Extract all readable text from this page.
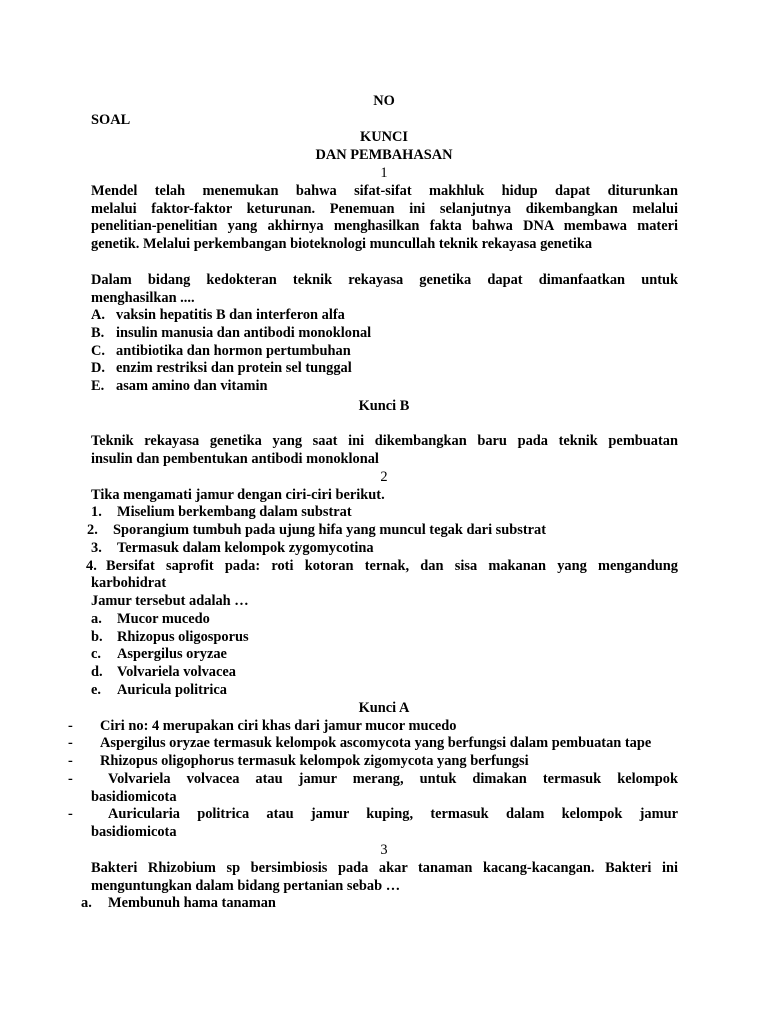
NO
SOAL
KUNCI
DAN PEMBAHASAN
1
Mendel telah menemukan bahwa sifat-sifat makhluk hidup dapat diturunkan
melalui faktor-faktor keturunan. Penemuan ini selanjutnya dikembangkan melalui
penelitian-penelitian yang akhirnya menghasilkan fakta bahwa DNA membawa materi
genetik. Melalui perkembangan bioteknologi muncullah teknik rekayasa genetika
Dalam bidang kedokteran teknik rekayasa genetika dapat dimanfaatkan untuk
menghasilkan ....
A. vaksin hepatitis B dan interferon alfa
B. insulin manusia dan antibodi monoklonal
C. antibiotika dan hormon pertumbuhan
D. enzim restriksi dan protein sel tunggal
E. asam amino dan vitamin
Kunci B
Teknik rekayasa genetika yang saat ini dikembangkan baru pada teknik pembuatan
insulin dan pembentukan antibodi monoklonal
2
Tika mengamati jamur dengan ciri-ciri berikut.
1. Miselium berkembang dalam substrat
2. Sporangium tumbuh pada ujung hifa yang muncul tegak dari substrat
3. Termasuk dalam kelompok zygomycotina
4. Bersifat saprofit pada: roti kotoran ternak, dan sisa makanan yang mengandung
karbohidrat
Jamur tersebut adalah …
a. Mucor mucedo
b. Rhizopus oligosporus
c. Aspergilus oryzae
d. Volvariela volvacea
e. Auricula politrica
Kunci A
- Ciri no: 4 merupakan ciri khas dari jamur mucor mucedo
- Aspergilus oryzae termasuk kelompok ascomycota yang berfungsi dalam pembuatan tape
- Rhizopus oligophorus termasuk kelompok zigomycota yang berfungsi
- Volvariela volvacea atau jamur merang, untuk dimakan termasuk kelompok
basidiomicota
- Auricularia politrica atau jamur kuping, termasuk dalam kelompok jamur
basidiomicota
3
Bakteri Rhizobium sp bersimbiosis pada akar tanaman kacang-kacangan. Bakteri ini
menguntungkan dalam bidang pertanian sebab …
a. Membunuh hama tanaman
